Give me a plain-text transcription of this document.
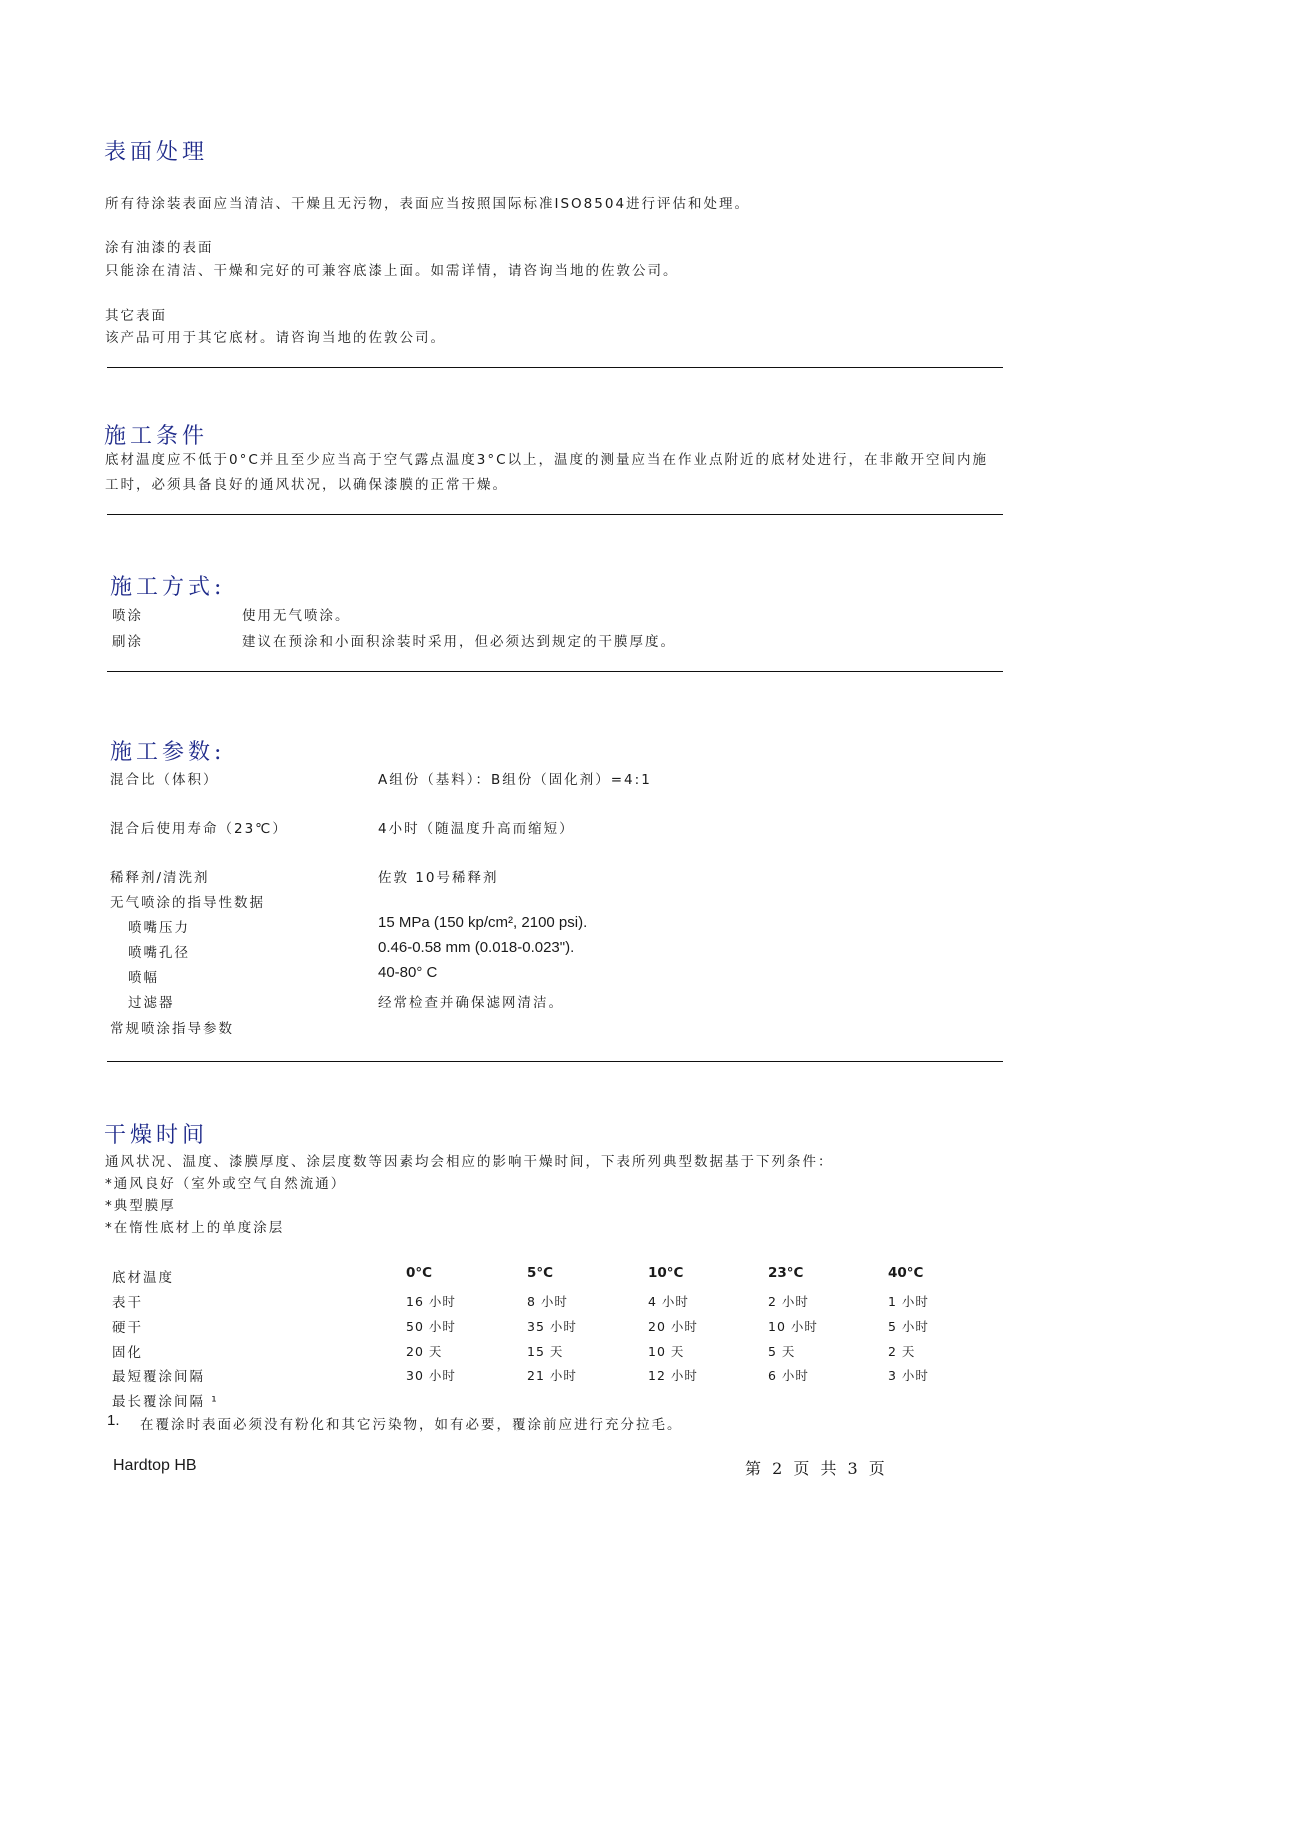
表面处理
所有待涂装表面应当清洁、干燥且无污物，表面应当按照国际标准ISO8504进行评估和处理。
涂有油漆的表面
只能涂在清洁、干燥和完好的可兼容底漆上面。如需详情，请咨询当地的佐敦公司。
其它表面
该产品可用于其它底材。请咨询当地的佐敦公司。
施工条件
底材温度应不低于0°C并且至少应当高于空气露点温度3°C以上，温度的测量应当在作业点附近的底材处进行，在非敞开空间内施工时，必须具备良好的通风状况，以确保漆膜的正常干燥。
施工方式:
喷涂	使用无气喷涂。
刷涂	建议在预涂和小面积涂装时采用，但必须达到规定的干膜厚度。
施工参数:
混合比（体积）	A组份（基料）：B组份（固化剂）=4:1
混合后使用寿命（23℃）	4小时（随温度升高而缩短）
稀释剂/清洗剂	佐敦 10号稀释剂
无气喷涂的指导性数据
喷嘴压力	15 MPa (150 kp/cm², 2100 psi).
喷嘴孔径	0.46-0.58 mm (0.018-0.023").
喷幅	40-80° C
过滤器	经常检查并确保滤网清洁。
常规喷涂指导参数
干燥时间
通风状况、温度、漆膜厚度、涂层度数等因素均会相应的影响干燥时间，下表所列典型数据基于下列条件：
*通风良好（室外或空气自然流通）
*典型膜厚
*在惰性底材上的单度涂层
底材温度	0°C	5°C	10°C	23°C	40°C
表干	16 小时	8 小时	4 小时	2 小时	1 小时
硬干	50 小时	35 小时	20 小时	10 小时	5 小时
固化	20 天	15 天	10 天	5 天	2 天
最短覆涂间隔	30 小时	21 小时	12 小时	6 小时	3 小时
最长覆涂间隔 ¹
1. 在覆涂时表面必须没有粉化和其它污染物，如有必要，覆涂前应进行充分拉毛。
Hardtop HB	第 2 页 共 3 页
